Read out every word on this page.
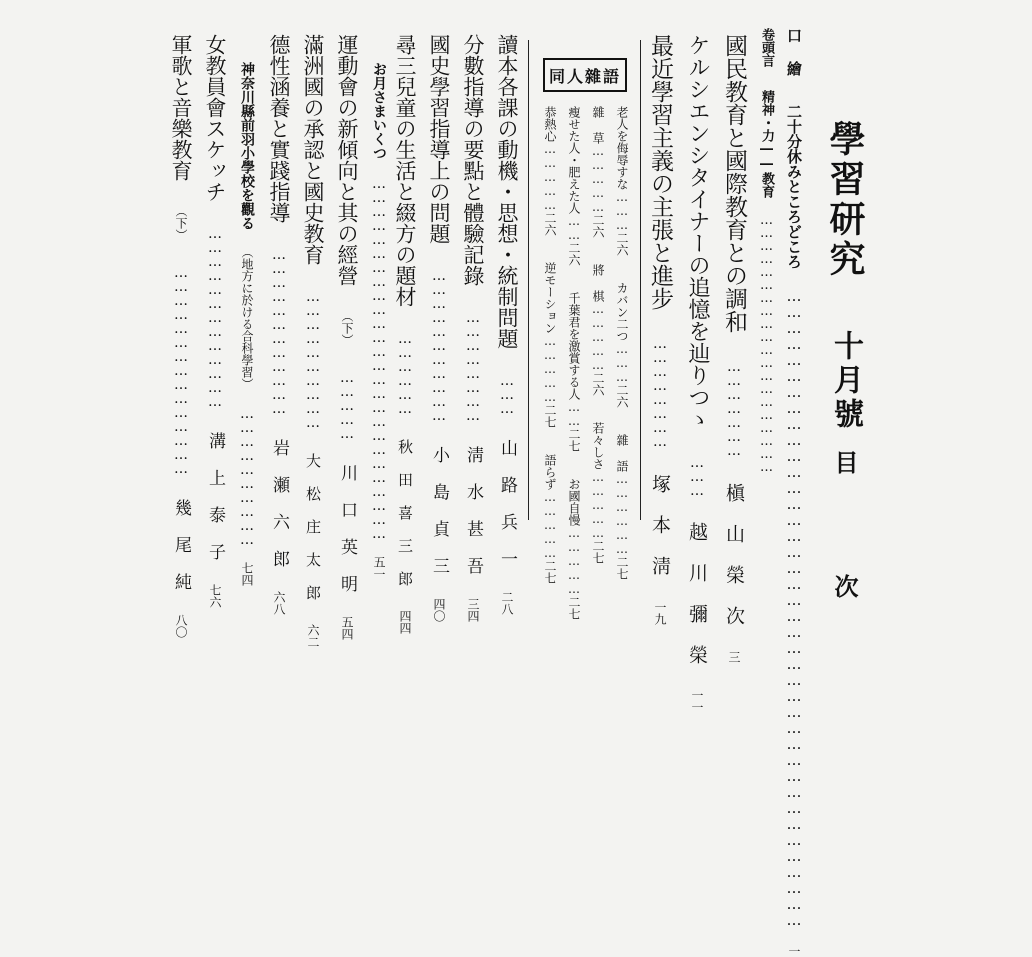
學習研究
十月號
目 次
口 繪 二十分休みところどころ ………………………………………………………………………………………………………… 一
卷頭言 精神・力――教育 ……………………………………………………
國民教育と國際教育との調和 ………………… 槇 山 榮 次 三
ケルシエンシタイナーの追憶を辿りつゝ ……… 越 川 彌 榮 一一
最近學習主義の主張と進步 …………………… 塚 本 淸 一九
同人雜語
老人を侮辱すな………二六 カバン二つ………二六 雜 語………………二七
雜 草……………二六 將 棋……………二六 若々しさ……………二七
瘦せた人・肥えた人……二六 千葉君を激賞する人……二七 お國自慢……………二七
恭熱心……………二六 逆モーション……………二七 語らず……………二七
讀本各課の動機・思想・統制問題 ……… 山 路 兵 一 二八
分數指導の要點と體驗記錄 …………………… 淸 水 甚 吾 三四
國史學習指導上の問題 …………………………… 小 島 貞 三 四〇
尋三兒童の生活と綴方の題材 ……………… 秋 田 喜 三 郎 四四
お月さまいくつ …………………………………………………………………… 五一
運動會の新傾向と其の經營 （下） …………… 川 口 英 明 五四
滿洲國の承認と國史教育 ………………………… 大 松 庄 太 郎 六二
德性涵養と實踐指導 ……………………………… 岩 瀬 六 郎 六八
神奈川縣前羽小學校を觀る （地方に於ける合科學習） ………………………… 七四
女教員會スケッチ ………………………………… 溝 上 泰 子 七六
軍歌と音樂教育 （下） ……………………………………… 幾 尾 純 八〇
